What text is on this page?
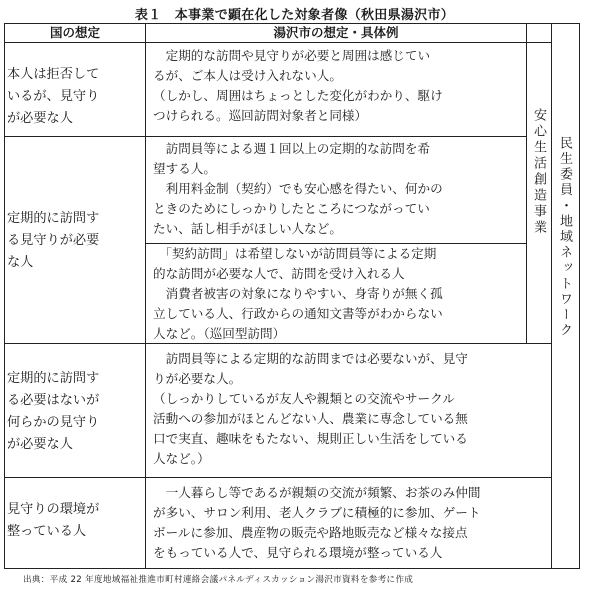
表１　本事業で顕在化した対象者像（秋田県湯沢市）
国の想定	湯沢市の想定・具体例
本人は拒否して
いるが、見守り
が必要な人
　定期的な訪問や見守りが必要と周囲は感じてい
るが、ご本人は受け入れない人。
（しかし、周囲はちょっとした変化がわかり、駆け
つけられる。巡回訪問対象者と同様）
定期的に訪問す
る見守りが必要
な人
　訪問員等による週１回以上の定期的な訪問を希
望する人。
　利用料金制（契約）でも安心感を得たい、何かの
ときのためにしっかりしたところにつながってい
たい、話し相手がほしい人など。
　「契約訪問」は希望しないが訪問員等による定期
的な訪問が必要な人で、訪問を受け入れる人
　消費者被害の対象になりやすい、身寄りが無く孤
立している人、行政からの通知文書等がわからない
人など。（巡回型訪問）
定期的に訪問す
る必要はないが
何らかの見守り
が必要な人
　訪問員等による定期的な訪問までは必要ないが、見守
りが必要な人。
（しっかりしているが友人や親類との交流やサークル
活動への参加がほとんどない人、農業に専念している無
口で実直、趣味をもたない、規則正しい生活をしている
人など。）
見守りの環境が
整っている人
　一人暮らし等であるが親類の交流が頻繁、お茶のみ仲間
が多い、サロン利用、老人クラブに積極的に参加、ゲート
ボールに参加、農産物の販売や路地販売など様々な接点
をもっている人で、見守られる環境が整っている人
安心生活創造事業 民生委員・地域ネットワーク
出典：平成 22 年度地域福祉推進市町村連絡会議パネルディスカッション湯沢市資料を参考に作成
